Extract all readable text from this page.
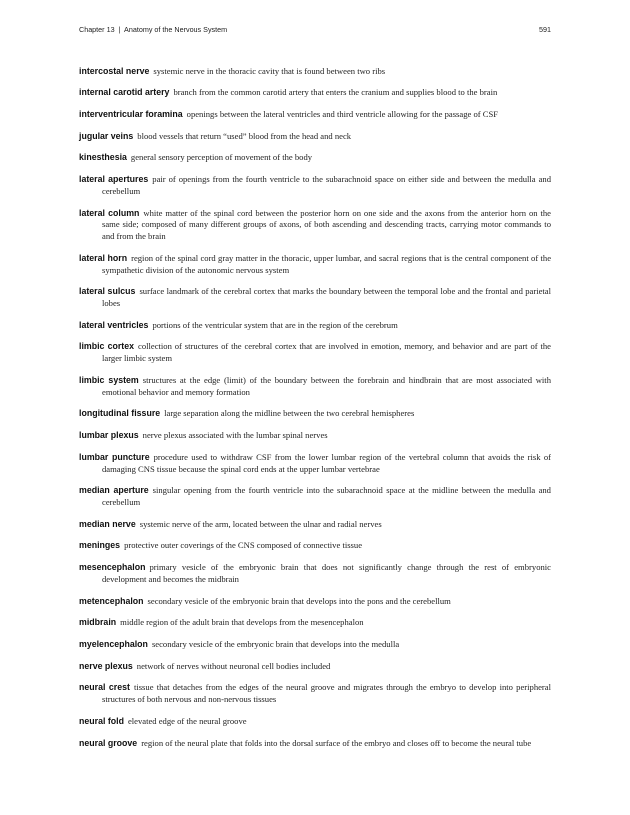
Chapter 13 | Anatomy of the Nervous System	591

intercostal nerve systemic nerve in the thoracic cavity that is found between two ribs

internal carotid artery branch from the common carotid artery that enters the cranium and supplies blood to the brain

interventricular foramina openings between the lateral ventricles and third ventricle allowing for the passage of CSF

jugular veins blood vessels that return “used” blood from the head and neck

kinesthesia general sensory perception of movement of the body

lateral apertures pair of openings from the fourth ventricle to the subarachnoid space on either side and between the medulla and cerebellum

lateral column white matter of the spinal cord between the posterior horn on one side and the axons from the anterior horn on the same side; composed of many different groups of axons, of both ascending and descending tracts, carrying motor commands to and from the brain

lateral horn region of the spinal cord gray matter in the thoracic, upper lumbar, and sacral regions that is the central component of the sympathetic division of the autonomic nervous system

lateral sulcus surface landmark of the cerebral cortex that marks the boundary between the temporal lobe and the frontal and parietal lobes

lateral ventricles portions of the ventricular system that are in the region of the cerebrum

limbic cortex collection of structures of the cerebral cortex that are involved in emotion, memory, and behavior and are part of the larger limbic system

limbic system structures at the edge (limit) of the boundary between the forebrain and hindbrain that are most associated with emotional behavior and memory formation

longitudinal fissure large separation along the midline between the two cerebral hemispheres

lumbar plexus nerve plexus associated with the lumbar spinal nerves

lumbar puncture procedure used to withdraw CSF from the lower lumbar region of the vertebral column that avoids the risk of damaging CNS tissue because the spinal cord ends at the upper lumbar vertebrae

median aperture singular opening from the fourth ventricle into the subarachnoid space at the midline between the medulla and cerebellum

median nerve systemic nerve of the arm, located between the ulnar and radial nerves

meninges protective outer coverings of the CNS composed of connective tissue

mesencephalon primary vesicle of the embryonic brain that does not significantly change through the rest of embryonic development and becomes the midbrain

metencephalon secondary vesicle of the embryonic brain that develops into the pons and the cerebellum

midbrain middle region of the adult brain that develops from the mesencephalon

myelencephalon secondary vesicle of the embryonic brain that develops into the medulla

nerve plexus network of nerves without neuronal cell bodies included

neural crest tissue that detaches from the edges of the neural groove and migrates through the embryo to develop into peripheral structures of both nervous and non-nervous tissues

neural fold elevated edge of the neural groove

neural groove region of the neural plate that folds into the dorsal surface of the embryo and closes off to become the neural tube
